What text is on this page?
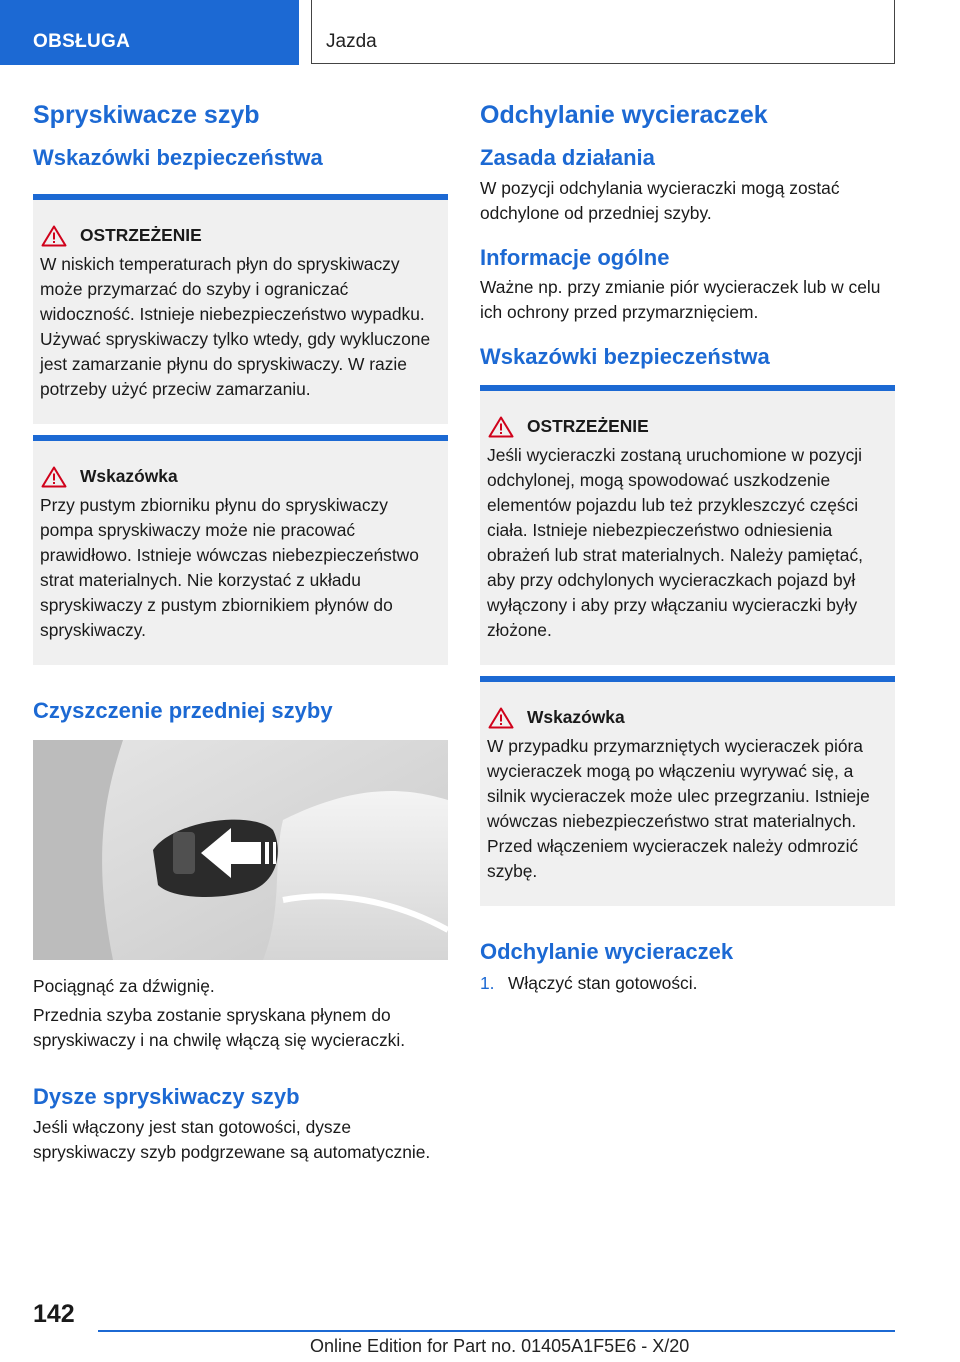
OBSŁUGA	Jazda
Spryskiwacze szyb
Wskazówki bezpieczeństwa
OSTRZEŻENIE

W niskich temperaturach płyn do spryskiwaczy może przymarzać do szyby i ograniczać widoczność. Istnieje niebezpieczeństwo wypadku. Używać spryskiwaczy tylko wtedy, gdy wykluczone jest zamarzanie płynu do spryskiwaczy. W razie potrzeby użyć przeciw zamarzaniu.

Wskazówka

Przy pustym zbiorniku płynu do spryskiwaczy pompa spryskiwaczy może nie pracować prawidłowo. Istnieje wówczas niebezpieczeństwo strat materialnych. Nie korzystać z układu spryskiwaczy z pustym zbiornikiem płynów do spryskiwaczy.

Czyszczenie przedniej szyby

Pociągnąć za dźwignię.

Przednia szyba zostanie spryskana płynem do spryskiwaczy i na chwilę włączą się wycieraczki.

Dysze spryskiwaczy szyb

Jeśli włączony jest stan gotowości, dysze spryskiwaczy szyb podgrzewane są automatycznie.

Odchylanie wycieraczek
Zasada działania

W pozycji odchylania wycieraczki mogą zostać odchylone od przedniej szyby.

Informacje ogólne

Ważne np. przy zmianie piór wycieraczek lub w celu ich ochrony przed przymarznięciem.

Wskazówki bezpieczeństwa
OSTRZEŻENIE

Jeśli wycieraczki zostaną uruchomione w pozycji odchylonej, mogą spowodować uszkodzenie elementów pojazdu lub też przykleszczyć części ciała. Istnieje niebezpieczeństwo odniesienia obrażeń lub strat materialnych. Należy pamiętać, aby przy odchylonych wycieraczkach pojazd był wyłączony i aby przy włączaniu wycieraczki były złożone.

Wskazówka

W przypadku przymarzniętych wycieraczek pióra wycieraczek mogą po włączeniu wyrywać się, a silnik wycieraczek może ulec przegrzaniu. Istnieje wówczas niebezpieczeństwo strat materialnych. Przed włączeniem wycieraczek należy odmrozić szybę.

Odchylanie wycieraczek
1. Włączyć stan gotowości.
142
Online Edition for Part no. 01405A1F5E6 - X/20
